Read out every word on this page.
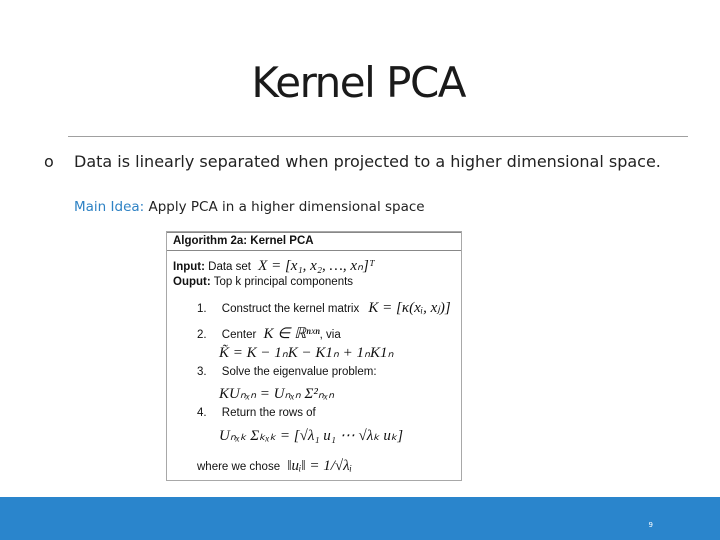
Kernel PCA
o Data is linearly separated when projected to a higher dimensional space.
Main Idea: Apply PCA in a higher dimensional space
Algorithm 2a: Kernel PCA
Input: Data set X = [x₁, x₂, …, xₙ]ᵀ
Ouput: Top k principal components
1. Construct the kernel matrix K = [κ(xᵢ, xⱼ)]
2. Center K ∈ ℝⁿˣⁿ, via
K̃ = K − 1ₙK − K1ₙ + 1ₙK1ₙ
3. Solve the eigenvalue problem:
KUₙₓₙ = Uₙₓₙ Σ²ₙₓₙ
4. Return the rows of
Uₙₓₖ Σₖₓₖ = [√λ₁ u₁ ⋯ √λₖ uₖ]
where we chose ‖uᵢ‖ = 1/√λᵢ
9
